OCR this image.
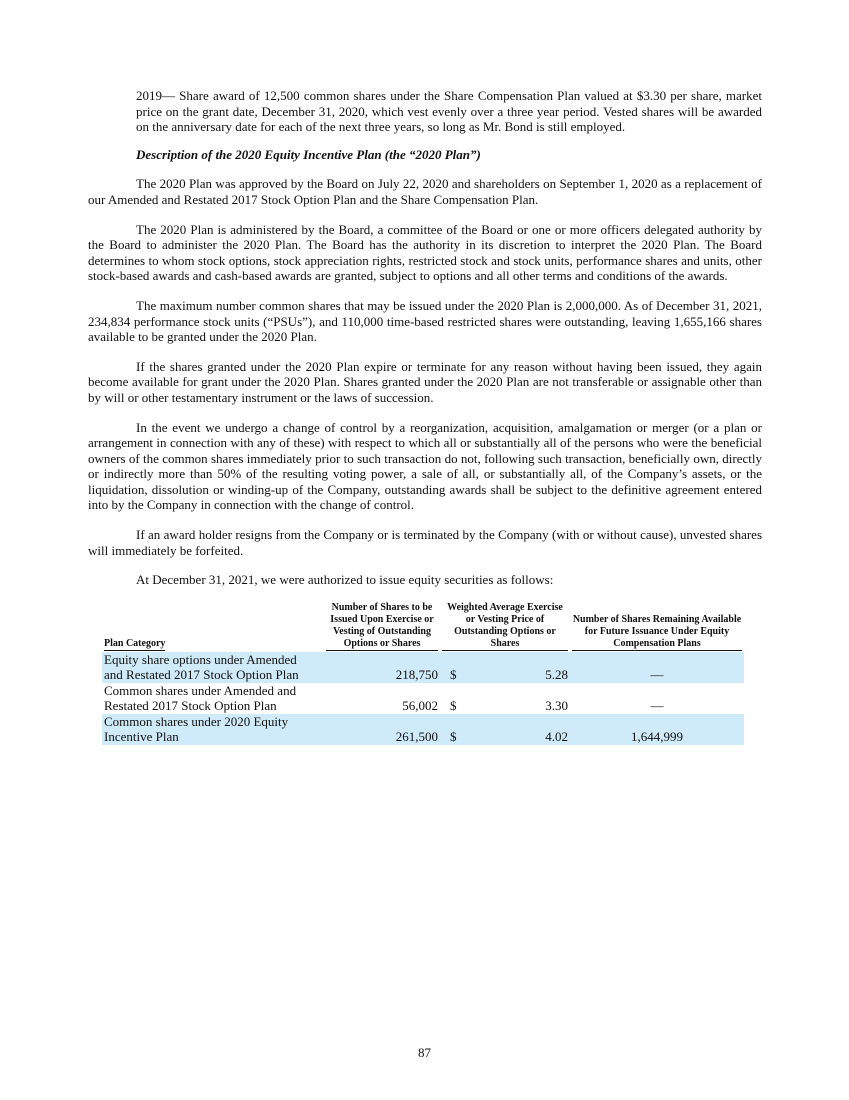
2019— Share award of 12,500 common shares under the Share Compensation Plan valued at $3.30 per share, market price on the grant date, December 31, 2020, which vest evenly over a three year period. Vested shares will be awarded on the anniversary date for each of the next three years, so long as Mr. Bond is still employed.

Description of the 2020 Equity Incentive Plan (the “2020 Plan”)

The 2020 Plan was approved by the Board on July 22, 2020 and shareholders on September 1, 2020 as a replacement of our Amended and Restated 2017 Stock Option Plan and the Share Compensation Plan.

The 2020 Plan is administered by the Board, a committee of the Board or one or more officers delegated authority by the Board to administer the 2020 Plan. The Board has the authority in its discretion to interpret the 2020 Plan. The Board determines to whom stock options, stock appreciation rights, restricted stock and stock units, performance shares and units, other stock-based awards and cash-based awards are granted, subject to options and all other terms and conditions of the awards.

The maximum number common shares that may be issued under the 2020 Plan is 2,000,000. As of December 31, 2021, 234,834 performance stock units (“PSUs”), and 110,000 time-based restricted shares were outstanding, leaving 1,655,166 shares available to be granted under the 2020 Plan.

If the shares granted under the 2020 Plan expire or terminate for any reason without having been issued, they again become available for grant under the 2020 Plan. Shares granted under the 2020 Plan are not transferable or assignable other than by will or other testamentary instrument or the laws of succession.

In the event we undergo a change of control by a reorganization, acquisition, amalgamation or merger (or a plan or arrangement in connection with any of these) with respect to which all or substantially all of the persons who were the beneficial owners of the common shares immediately prior to such transaction do not, following such transaction, beneficially own, directly or indirectly more than 50% of the resulting voting power, a sale of all, or substantially all, of the Company’s assets, or the liquidation, dissolution or winding-up of the Company, outstanding awards shall be subject to the definitive agreement entered into by the Company in connection with the change of control.

If an award holder resigns from the Company or is terminated by the Company (with or without cause), unvested shares will immediately be forfeited.

At December 31, 2021, we were authorized to issue equity securities as follows:

Plan Category	Number of Shares to be Issued Upon Exercise or Vesting of Outstanding Options or Shares	Weighted Average Exercise or Vesting Price of Outstanding Options or Shares		Number of Shares Remaining Available for Future Issuance Under Equity Compensation Plans
Equity share options under Amended
and Restated 2017 Stock Option Plan	218,750	$	5.28	—
Common shares under Amended and
Restated 2017 Stock Option Plan	56,002	$	3.30	—
Common shares under 2020 Equity
Incentive Plan	261,500	$	4.02	1,644,999
87
